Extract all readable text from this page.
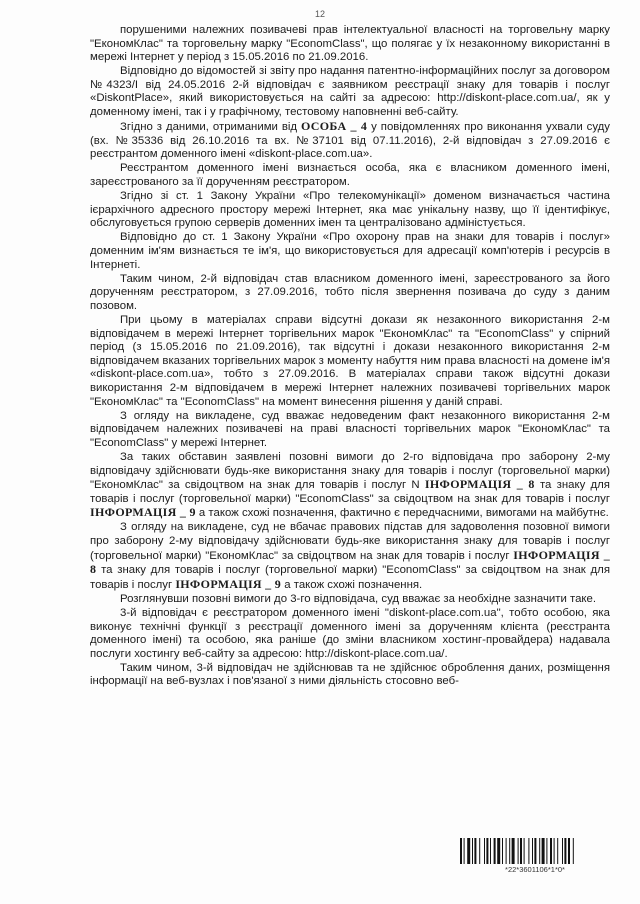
12

порушеними належних позивачеві прав інтелектуальної власності на торговельну марку "ЕкономКлас" та торговельну марку "EconomClass", що полягає у їх незаконному використанні в мережі Інтернет у період з 15.05.2016 по 21.09.2016.

Відповідно до відомостей зі звіту про надання патентно-інформаційних послуг за договором №4323/І від 24.05.2016 2-й відповідач є заявником реєстрації знаку для товарів і послуг «DiskontPlace», який використовується на сайті за адресою: http://diskont-place.com.ua/, як у доменному імені, так і у графічному, тестовому наповненні веб-сайту.

Згідно з даними, отриманими від ОСОБА _ 4 у повідомленнях про виконання ухвали суду (вх. №35336 від 26.10.2016 та вх. №37101 від 07.11.2016), 2-й відповідач з 27.09.2016 є реєстрантом доменного імені «diskont-place.com.ua».

Реєстрантом доменного імені визнається особа, яка є власником доменного імені, зареєстрованого за її дорученням реєстратором.

Згідно зі ст. 1 Закону України «Про телекомунікації» доменом визначається частина ієрархічного адресного простору мережі Інтернет, яка має унікальну назву, що її ідентифікує, обслуговується групою серверів доменних імен та централізовано адміністується.

Відповідно до ст. 1 Закону України «Про охорону прав на знаки для товарів і послуг» доменним ім'ям визнається те ім'я, що використовується для адресації комп'ютерів і ресурсів в Інтернеті.

Таким чином, 2-й відповідач став власником доменного імені, зареєстрованого за його дорученням реєстратором, з 27.09.2016, тобто після звернення позивача до суду з даним позовом.

При цьому в матеріалах справи відсутні докази як незаконного використання 2-м відповідачем в мережі Інтернет торгівельних марок "ЕкономКлас" та "EconomClass" у спірний період (з 15.05.2016 по 21.09.2016), так відсутні і докази незаконного використання 2-м відповідачем вказаних торгівельних марок з моменту набуття ним права власності на домене ім'я «diskont-place.com.ua», тобто з 27.09.2016. В матеріалах справи також відсутні докази використання 2-м відповідачем в мережі Інтернет належних позивачеві торгівельних марок "ЕкономКлас" та "EconomClass" на момент винесення рішення у даній справі.

З огляду на викладене, суд вважає недоведеним факт незаконного використання 2-м відповідачем належних позивачеві на праві власності торгівельних марок "ЕкономКлас" та "EconomClass" у мережі Інтернет.

За таких обставин заявлені позовні вимоги до 2-го відповідача про заборону 2-му відповідачу здійснювати будь-яке використання знаку для товарів і послуг (торговельної марки) "ЕкономКлас" за свідоцтвом на знак для товарів і послуг N ІНФОРМАЦІЯ _ 8 та знаку для товарів і послуг (торговельної марки) "EconomClass" за свідоцтвом на знак для товарів і послуг ІНФОРМАЦІЯ _ 9 а також схожі позначення, фактично є передчасними, вимогами на майбутнє.

З огляду на викладене, суд не вбачає правових підстав для задоволення позовної вимоги про заборону 2-му відповідачу здійснювати будь-яке використання знаку для товарів і послуг (торговельної марки) "ЕкономКлас" за свідоцтвом на знак для товарів і послуг ІНФОРМАЦІЯ _ 8 та знаку для товарів і послуг (торговельної марки) "EconomClass" за свідоцтвом на знак для товарів і послуг ІНФОРМАЦІЯ _ 9 а також схожі позначення.

Розглянувши позовні вимоги до 3-го відповідача, суд вважає за необхідне зазначити таке.

3-й відповідач є реєстратором доменного імені "diskont-place.com.ua", тобто особою, яка виконує технічні функції з реєстрації доменного імені за дорученням клієнта (реєстранта доменного імені) та особою, яка раніше (до зміни власником хостинг-провайдера) надавала послуги хостингу веб-сайту за адресою: http://diskont-place.com.ua/.

Таким чином, 3-й відповідач не здійснював та не здійснює оброблення даних, розміщення інформації на веб-вузлах і пов'язаної з ними діяльність стосовно веб-

*22*3601106*1*0*
